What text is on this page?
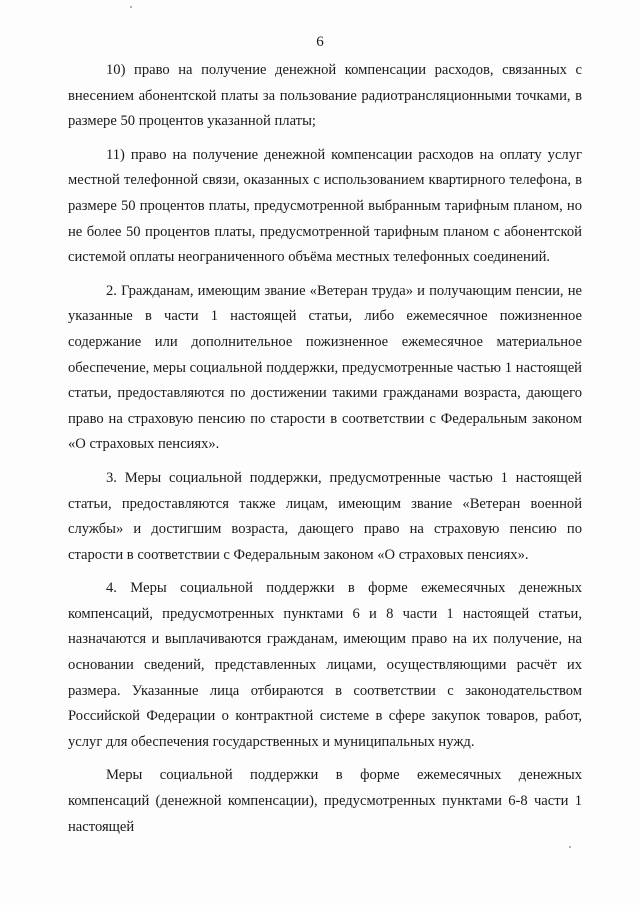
6

10) право на получение денежной компенсации расходов, связанных с внесением абонентской платы за пользование радиотрансляционными точками, в размере 50 процентов указанной платы;

11) право на получение денежной компенсации расходов на оплату услуг местной телефонной связи, оказанных с использованием квартирного телефона, в размере 50 процентов платы, предусмотренной выбранным тарифным планом, но не более 50 процентов платы, предусмотренной тарифным планом с абонентской системой оплаты неограниченного объёма местных телефонных соединений.

2. Гражданам, имеющим звание «Ветеран труда» и получающим пенсии, не указанные в части 1 настоящей статьи, либо ежемесячное пожизненное содержание или дополнительное пожизненное ежемесячное материальное обеспечение, меры социальной поддержки, предусмотренные частью 1 настоящей статьи, предоставляются по достижении такими гражданами возраста, дающего право на страховую пенсию по старости в соответствии с Федеральным законом «О страховых пенсиях».

3. Меры социальной поддержки, предусмотренные частью 1 настоящей статьи, предоставляются также лицам, имеющим звание «Ветеран военной службы» и достигшим возраста, дающего право на страховую пенсию по старости в соответствии с Федеральным законом «О страховых пенсиях».

4. Меры социальной поддержки в форме ежемесячных денежных компенсаций, предусмотренных пунктами 6 и 8 части 1 настоящей статьи, назначаются и выплачиваются гражданам, имеющим право на их получение, на основании сведений, представленных лицами, осуществляющими расчёт их размера. Указанные лица отбираются в соответствии с законодательством Российской Федерации о контрактной системе в сфере закупок товаров, работ, услуг для обеспечения государственных и муниципальных нужд.

Меры социальной поддержки в форме ежемесячных денежных компенсаций (денежной компенсации), предусмотренных пунктами 6-8 части 1 настоящей
